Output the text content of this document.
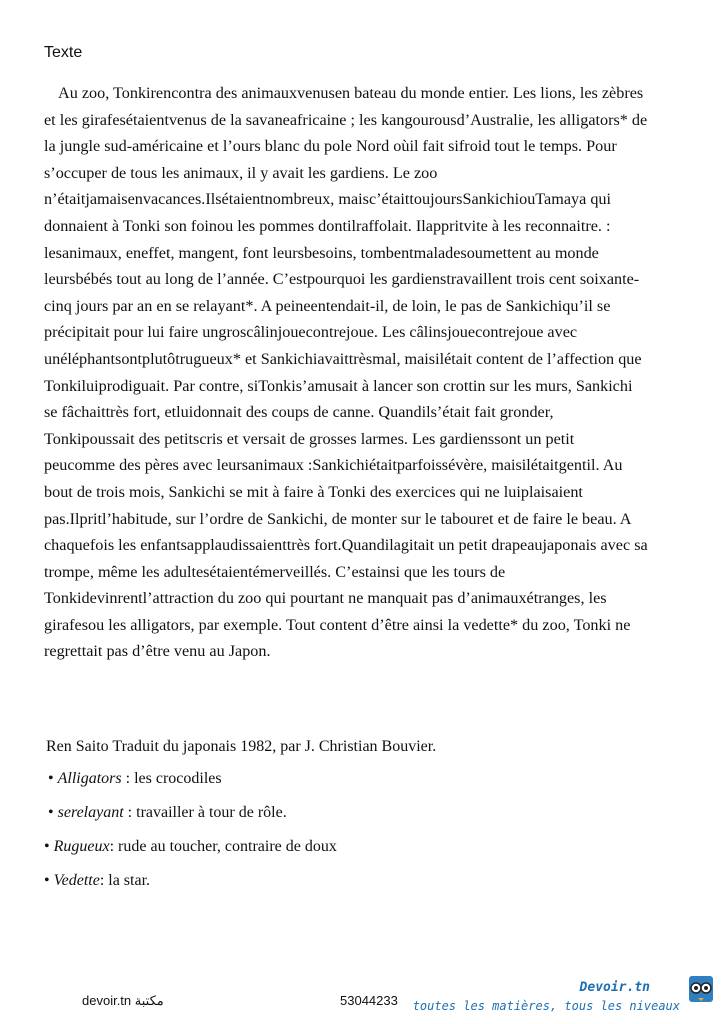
Texte
Au zoo, Tonkirencontra des animauxvenusen bateau du monde entier. Les lions, les zèbres
et les girafesétaientvenus de la savaneafricaine ; les kangourousd’Australie, les alligators* de
la jungle sud-américaine et l’ours blanc du pole Nord oùil fait sifroid tout le temps. Pour
s’occuper de tous les animaux, il y avait les gardiens. Le zoo
n’étaitjamaisenvacances.Ilsétaientnombreux, maisc’étaittoujoursSankichiouTamaya qui
donnaient à Tonki son foinou les pommes dontilraffolait. Ilappritvite à les reconnaitre. :
lesanimaux, eneffet, mangent, font leursbesoins, tombentmaladesoumettent au monde
leursbébés tout au long de l’année. C’estpourquoi les gardienstravaillent trois cent soixante-
cinq jours par an en se relayant*. A peineentendait-il, de loin, le pas de Sankichiqu’il se
précipitait pour lui faire ungroscâlinjouecontrejoue. Les câlinsjouecontrejoue avec
unéléphantsontplutôtrugueux* et Sankichiavaittrèsmal, maisilétait content de l’affection que
Tonkiluiprodiguait. Par contre, siTonkis’amusait à lancer son crottin sur les murs, Sankichi
se fâchaittrès fort, etluidonnait des coups de canne. Quandils’était fait gronder,
Tonkipoussait des petitscris et versait de grosses larmes. Les gardienssont un petit
peucomme des pères avec leursanimaux :Sankichiétaitparfoissévère, maisilétaitgentil. Au
bout de trois mois, Sankichi se mit à faire à Tonki des exercices qui ne luiplaisaient
pas.Ilpritl’habitude, sur l’ordre de Sankichi, de monter sur le tabouret et de faire le beau. A
chaquefois les enfantsapplaudissaienttrès fort.Quandilagitait un petit drapeaujaponais avec sa
trompe, même les adultesétaientémerveillés. C’estainsi que les tours de
Tonkidevinrentl’attraction du zoo qui pourtant ne manquait pas d’animauxétranges, les
girafesou les alligators, par exemple. Tout content d’être ainsi la vedette* du zoo, Tonki ne
regrettait pas d’être venu au Japon.
Ren Saito Traduit du japonais 1982, par J. Christian Bouvier.
• Alligators : les crocodiles
• serelayant : travailler à tour de rôle.
• Rugueux: rude au toucher, contraire de doux
• Vedette: la star.
devoir.tn مكتبة	53044233
Devoir.tn
toutes les matières, tous les niveaux
